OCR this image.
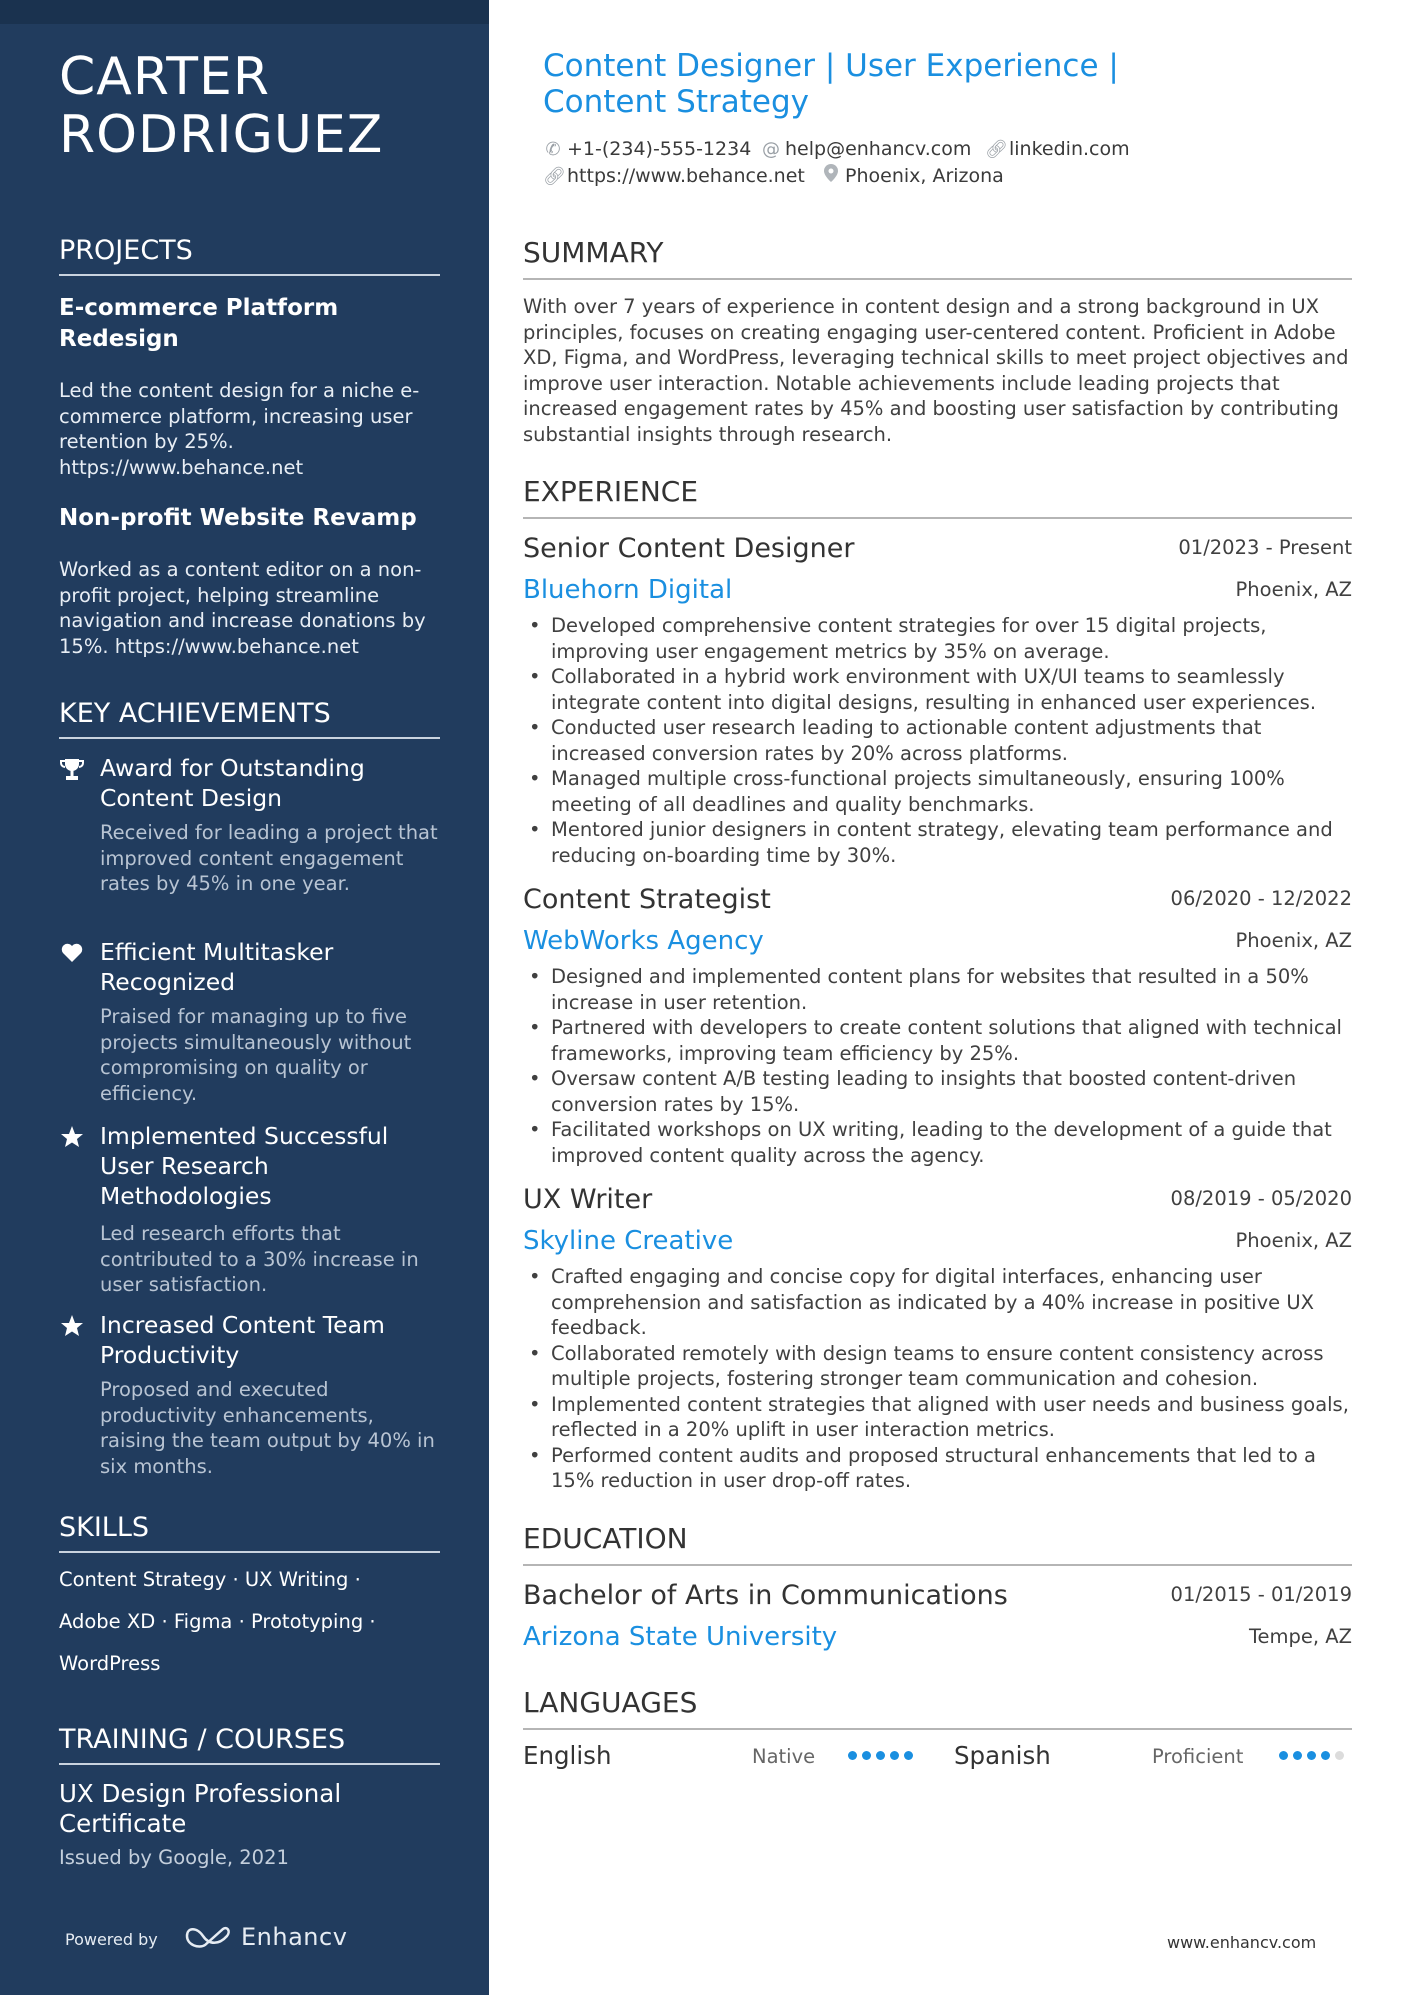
CARTER
RODRIGUEZ
PROJECTS
E-commerce Platform Redesign
Led the content design for a niche e-commerce platform, increasing user retention by 25%. https://www.behance.net
Non-profit Website Revamp
Worked as a content editor on a non-profit project, helping streamline navigation and increase donations by 15%. https://www.behance.net
KEY ACHIEVEMENTS
Award for Outstanding Content Design
Received for leading a project that improved content engagement rates by 45% in one year.
Efficient Multitasker Recognized
Praised for managing up to five projects simultaneously without compromising on quality or efficiency.
Implemented Successful User Research Methodologies
Led research efforts that contributed to a 30% increase in user satisfaction.
Increased Content Team Productivity
Proposed and executed productivity enhancements, raising the team output by 40% in six months.
SKILLS
Content Strategy · UX Writing ·
Adobe XD · Figma · Prototyping ·
WordPress
TRAINING / COURSES
UX Design Professional Certificate
Issued by Google, 2021
Powered by	Enhancv
Content Designer | User Experience | Content Strategy
✆ +1-(234)-555-1234 @ help@enhancv.com 🔗︎linkedin.com
🔗︎https://www.behance.net	Phoenix, Arizona
SUMMARY
With over 7 years of experience in content design and a strong background in UX principles, focuses on creating engaging user-centered content. Proficient in Adobe XD, Figma, and WordPress, leveraging technical skills to meet project objectives and improve user interaction. Notable achievements include leading projects that increased engagement rates by 45% and boosting user satisfaction by contributing substantial insights through research.
EXPERIENCE
Senior Content Designer	01/2023 - Present
Bluehorn Digital	Phoenix, AZ
• Developed comprehensive content strategies for over 15 digital projects, improving user engagement metrics by 35% on average.
• Collaborated in a hybrid work environment with UX/UI teams to seamlessly integrate content into digital designs, resulting in enhanced user experiences.
• Conducted user research leading to actionable content adjustments that increased conversion rates by 20% across platforms.
• Managed multiple cross-functional projects simultaneously, ensuring 100% meeting of all deadlines and quality benchmarks.
• Mentored junior designers in content strategy, elevating team performance and reducing on-boarding time by 30%.
Content Strategist	06/2020 - 12/2022
WebWorks Agency	Phoenix, AZ
• Designed and implemented content plans for websites that resulted in a 50% increase in user retention.
• Partnered with developers to create content solutions that aligned with technical frameworks, improving team efficiency by 25%.
• Oversaw content A/B testing leading to insights that boosted content-driven conversion rates by 15%.
• Facilitated workshops on UX writing, leading to the development of a guide that improved content quality across the agency.
UX Writer	08/2019 - 05/2020
Skyline Creative	Phoenix, AZ
• Crafted engaging and concise copy for digital interfaces, enhancing user comprehension and satisfaction as indicated by a 40% increase in positive UX feedback.
• Collaborated remotely with design teams to ensure content consistency across multiple projects, fostering stronger team communication and cohesion.
• Implemented content strategies that aligned with user needs and business goals, reflected in a 20% uplift in user interaction metrics.
• Performed content audits and proposed structural enhancements that led to a 15% reduction in user drop-off rates.
EDUCATION
Bachelor of Arts in Communications	01/2015 - 01/2019
Arizona State University	Tempe, AZ
LANGUAGES
English	Native	Spanish	Proficient
www.enhancv.com
